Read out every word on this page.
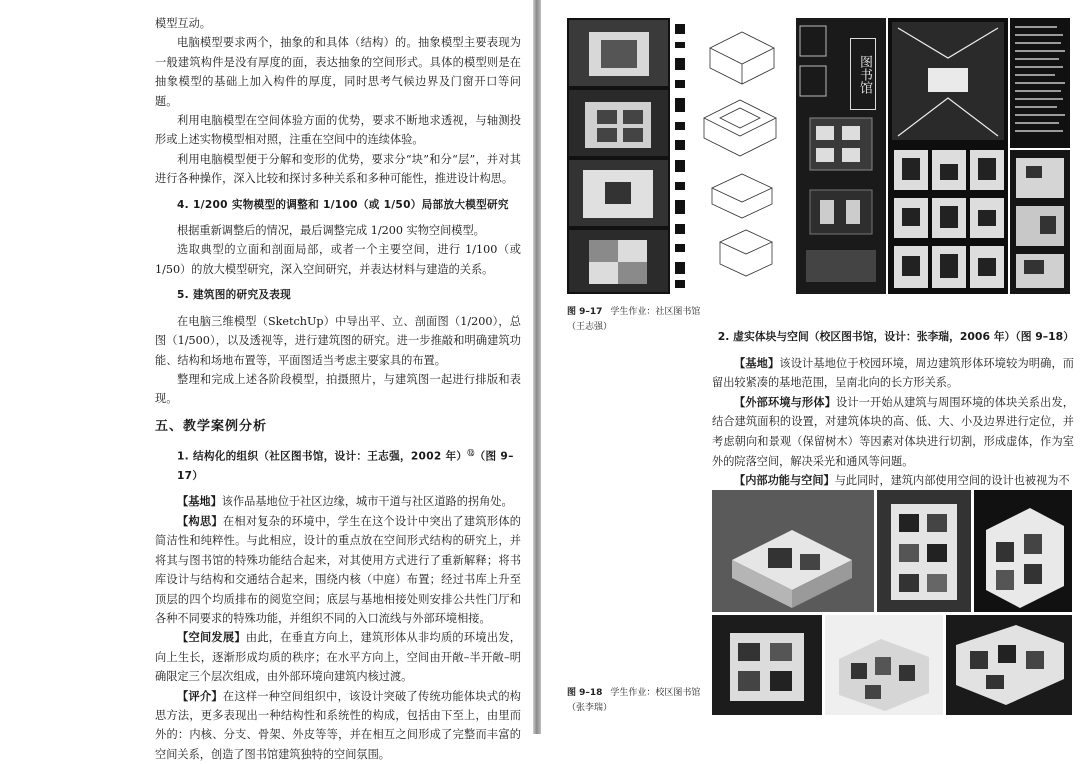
模型互动。

电脑模型要求两个，抽象的和具体（结构）的。抽象模型主要表现为一般建筑构件是没有厚度的面，表达抽象的空间形式。具体的模型则是在抽象模型的基础上加入构件的厚度，同时思考气候边界及门窗开口等问题。

利用电脑模型在空间体验方面的优势，要求不断地求透视，与轴测投形或上述实物模型相对照，注重在空间中的连续体验。

利用电脑模型便于分解和变形的优势，要求分“块”和分“层”，并对其进行各种操作，深入比较和探讨多种关系和多种可能性，推进设计构思。

4. 1/200 实物模型的调整和 1/100（或 1/50）局部放大模型研究

根据重新调整后的情况，最后调整完成 1/200 实物空间模型。

选取典型的立面和剖面局部，或者一个主要空间，进行 1/100（或 1/50）的放大模型研究，深入空间研究，并表达材料与建造的关系。

5. 建筑图的研究及表现

在电脑三维模型（SketchUp）中导出平、立、剖面图（1/200），总图（1/500），以及透视等，进行建筑图的研究。进一步推敲和明确建筑功能、结构和场地布置等，平面图适当考虑主要家具的布置。

整理和完成上述各阶段模型，拍摄照片，与建筑图一起进行排版和表现。

五、教学案例分析
1. 结构化的组织（社区图书馆，设计：王志强，2002 年）⑫（图 9–17）

【基地】该作品基地位于社区边缘，城市干道与社区道路的拐角处。

【构思】在相对复杂的环境中，学生在这个设计中突出了建筑形体的简洁性和纯粹性。与此相应，设计的重点放在空间形式结构的研究上，并将其与图书馆的特殊功能结合起来，对其使用方式进行了重新解释；将书库设计与结构和交通结合起来，围绕内核（中庭）布置；经过书库上升至顶层的四个均质排布的阅览空间；底层与基地相接处则安排公共性门厅和各种不同要求的特殊功能，并组织不同的入口流线与外部环境相接。

【空间发展】由此，在垂直方向上，建筑形体从非均质的环境出发，向上生长，逐渐形成均质的秩序；在水平方向上，空间由开敞–半开敞–明确限定三个层次组成，由外部环境向建筑内核过渡。

【评介】在这样一种空间组织中，该设计突破了传统功能体块式的构思方法，更多表现出一种结构性和系统性的构成，包括由下至上，由里而外的：内核、分支、骨架、外皮等等，并在相互之间形成了完整而丰富的空间关系，创造了图书馆建筑独特的空间氛围。

图书馆
图 9–17 学生作业：社区图书馆（王志强）
2. 虚实体块与空间（校区图书馆，设计：张李瑞，2006 年）（图 9–18）

【基地】该设计基地位于校园环境，周边建筑形体环境较为明确，而留出较紧凑的基地范围，呈南北向的长方形关系。

【外部环境与形体】设计一开始从建筑与周围环境的体块关系出发，结合建筑面积的设置，对建筑体块的高、低、大、小及边界进行定位，并考虑朝向和景观（保留树木）等因素对体块进行切割，形成虚体，作为室外的院落空间，解决采光和通风等问题。

【内部功能与空间】与此同时，建筑内部使用空间的设计也被视为不

图 9–18 学生作业：校区图书馆（张李瑞）
